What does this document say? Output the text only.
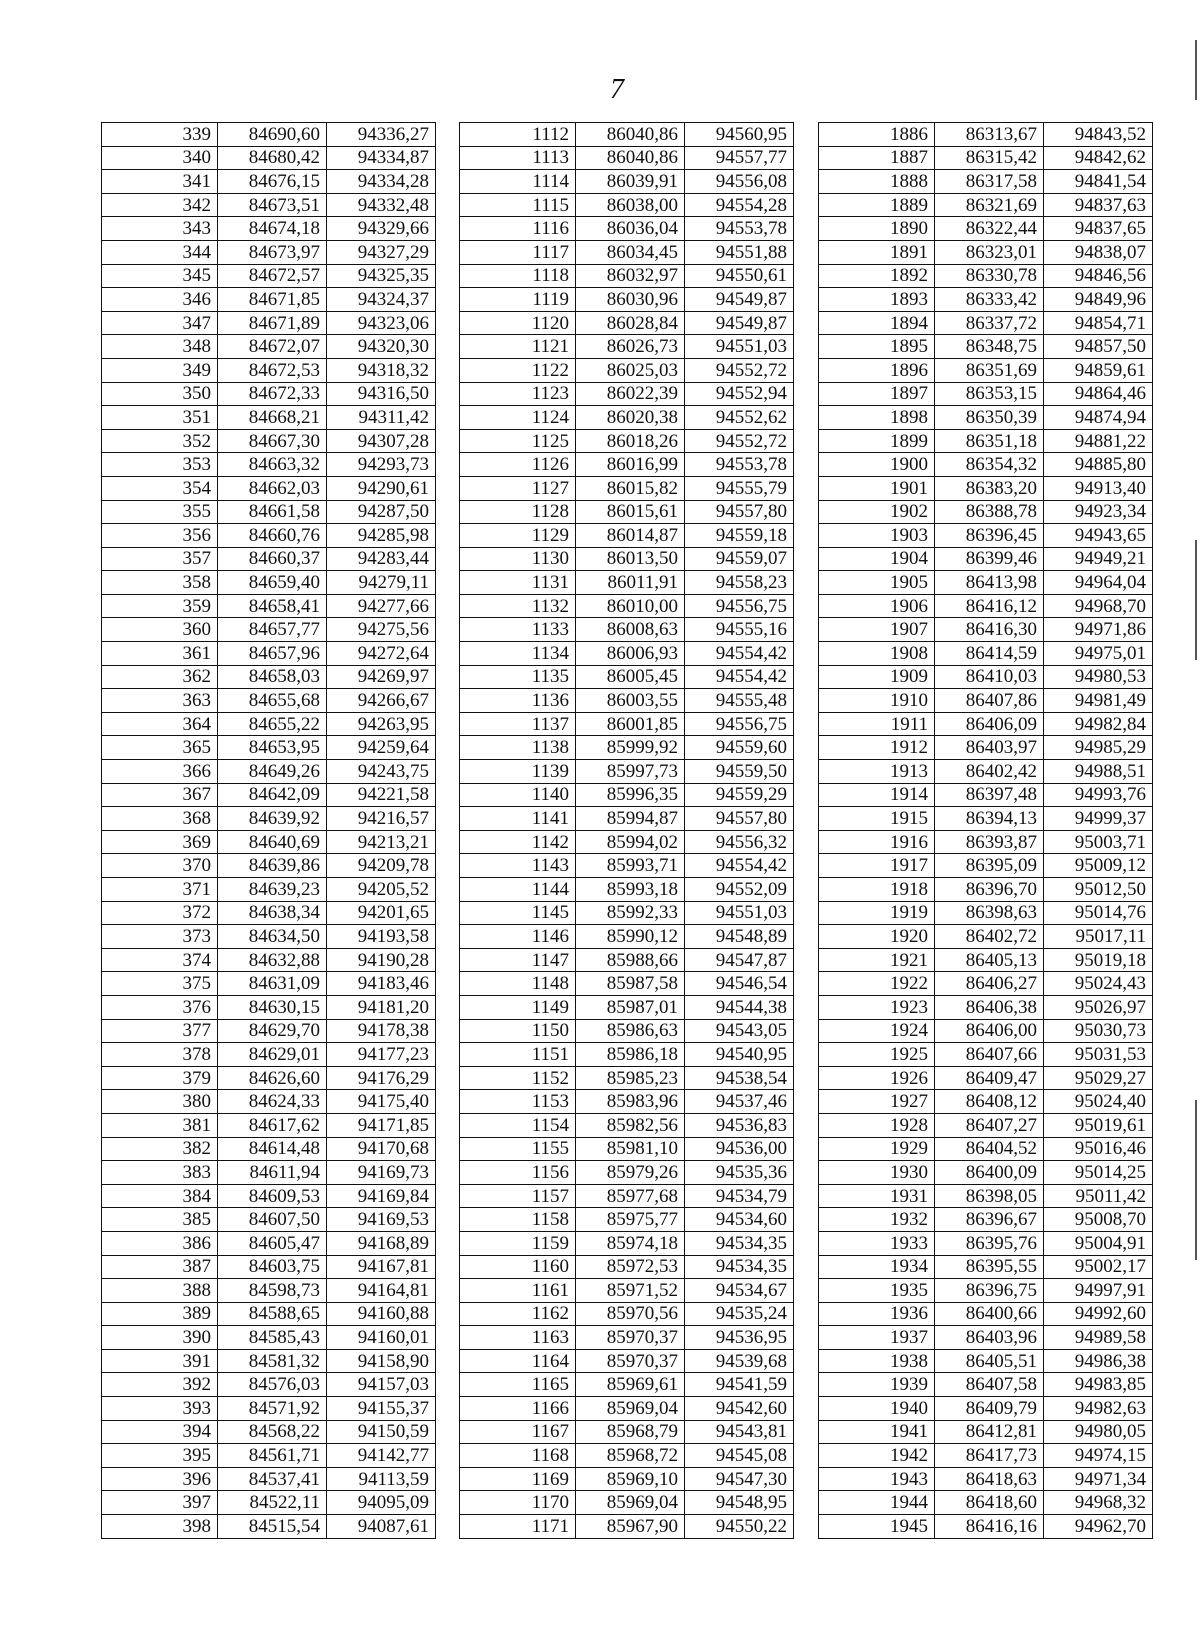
7
339	84690,60	94336,27
340	84680,42	94334,87
341	84676,15	94334,28
342	84673,51	94332,48
343	84674,18	94329,66
344	84673,97	94327,29
345	84672,57	94325,35
346	84671,85	94324,37
347	84671,89	94323,06
348	84672,07	94320,30
349	84672,53	94318,32
350	84672,33	94316,50
351	84668,21	94311,42
352	84667,30	94307,28
353	84663,32	94293,73
354	84662,03	94290,61
355	84661,58	94287,50
356	84660,76	94285,98
357	84660,37	94283,44
358	84659,40	94279,11
359	84658,41	94277,66
360	84657,77	94275,56
361	84657,96	94272,64
362	84658,03	94269,97
363	84655,68	94266,67
364	84655,22	94263,95
365	84653,95	94259,64
366	84649,26	94243,75
367	84642,09	94221,58
368	84639,92	94216,57
369	84640,69	94213,21
370	84639,86	94209,78
371	84639,23	94205,52
372	84638,34	94201,65
373	84634,50	94193,58
374	84632,88	94190,28
375	84631,09	94183,46
376	84630,15	94181,20
377	84629,70	94178,38
378	84629,01	94177,23
379	84626,60	94176,29
380	84624,33	94175,40
381	84617,62	94171,85
382	84614,48	94170,68
383	84611,94	94169,73
384	84609,53	94169,84
385	84607,50	94169,53
386	84605,47	94168,89
387	84603,75	94167,81
388	84598,73	94164,81
389	84588,65	94160,88
390	84585,43	94160,01
391	84581,32	94158,90
392	84576,03	94157,03
393	84571,92	94155,37
394	84568,22	94150,59
395	84561,71	94142,77
396	84537,41	94113,59
397	84522,11	94095,09
398	84515,54	94087,61
1112	86040,86	94560,95
1113	86040,86	94557,77
1114	86039,91	94556,08
1115	86038,00	94554,28
1116	86036,04	94553,78
1117	86034,45	94551,88
1118	86032,97	94550,61
1119	86030,96	94549,87
1120	86028,84	94549,87
1121	86026,73	94551,03
1122	86025,03	94552,72
1123	86022,39	94552,94
1124	86020,38	94552,62
1125	86018,26	94552,72
1126	86016,99	94553,78
1127	86015,82	94555,79
1128	86015,61	94557,80
1129	86014,87	94559,18
1130	86013,50	94559,07
1131	86011,91	94558,23
1132	86010,00	94556,75
1133	86008,63	94555,16
1134	86006,93	94554,42
1135	86005,45	94554,42
1136	86003,55	94555,48
1137	86001,85	94556,75
1138	85999,92	94559,60
1139	85997,73	94559,50
1140	85996,35	94559,29
1141	85994,87	94557,80
1142	85994,02	94556,32
1143	85993,71	94554,42
1144	85993,18	94552,09
1145	85992,33	94551,03
1146	85990,12	94548,89
1147	85988,66	94547,87
1148	85987,58	94546,54
1149	85987,01	94544,38
1150	85986,63	94543,05
1151	85986,18	94540,95
1152	85985,23	94538,54
1153	85983,96	94537,46
1154	85982,56	94536,83
1155	85981,10	94536,00
1156	85979,26	94535,36
1157	85977,68	94534,79
1158	85975,77	94534,60
1159	85974,18	94534,35
1160	85972,53	94534,35
1161	85971,52	94534,67
1162	85970,56	94535,24
1163	85970,37	94536,95
1164	85970,37	94539,68
1165	85969,61	94541,59
1166	85969,04	94542,60
1167	85968,79	94543,81
1168	85968,72	94545,08
1169	85969,10	94547,30
1170	85969,04	94548,95
1171	85967,90	94550,22
1886	86313,67	94843,52
1887	86315,42	94842,62
1888	86317,58	94841,54
1889	86321,69	94837,63
1890	86322,44	94837,65
1891	86323,01	94838,07
1892	86330,78	94846,56
1893	86333,42	94849,96
1894	86337,72	94854,71
1895	86348,75	94857,50
1896	86351,69	94859,61
1897	86353,15	94864,46
1898	86350,39	94874,94
1899	86351,18	94881,22
1900	86354,32	94885,80
1901	86383,20	94913,40
1902	86388,78	94923,34
1903	86396,45	94943,65
1904	86399,46	94949,21
1905	86413,98	94964,04
1906	86416,12	94968,70
1907	86416,30	94971,86
1908	86414,59	94975,01
1909	86410,03	94980,53
1910	86407,86	94981,49
1911	86406,09	94982,84
1912	86403,97	94985,29
1913	86402,42	94988,51
1914	86397,48	94993,76
1915	86394,13	94999,37
1916	86393,87	95003,71
1917	86395,09	95009,12
1918	86396,70	95012,50
1919	86398,63	95014,76
1920	86402,72	95017,11
1921	86405,13	95019,18
1922	86406,27	95024,43
1923	86406,38	95026,97
1924	86406,00	95030,73
1925	86407,66	95031,53
1926	86409,47	95029,27
1927	86408,12	95024,40
1928	86407,27	95019,61
1929	86404,52	95016,46
1930	86400,09	95014,25
1931	86398,05	95011,42
1932	86396,67	95008,70
1933	86395,76	95004,91
1934	86395,55	95002,17
1935	86396,75	94997,91
1936	86400,66	94992,60
1937	86403,96	94989,58
1938	86405,51	94986,38
1939	86407,58	94983,85
1940	86409,79	94982,63
1941	86412,81	94980,05
1942	86417,73	94974,15
1943	86418,63	94971,34
1944	86418,60	94968,32
1945	86416,16	94962,70
